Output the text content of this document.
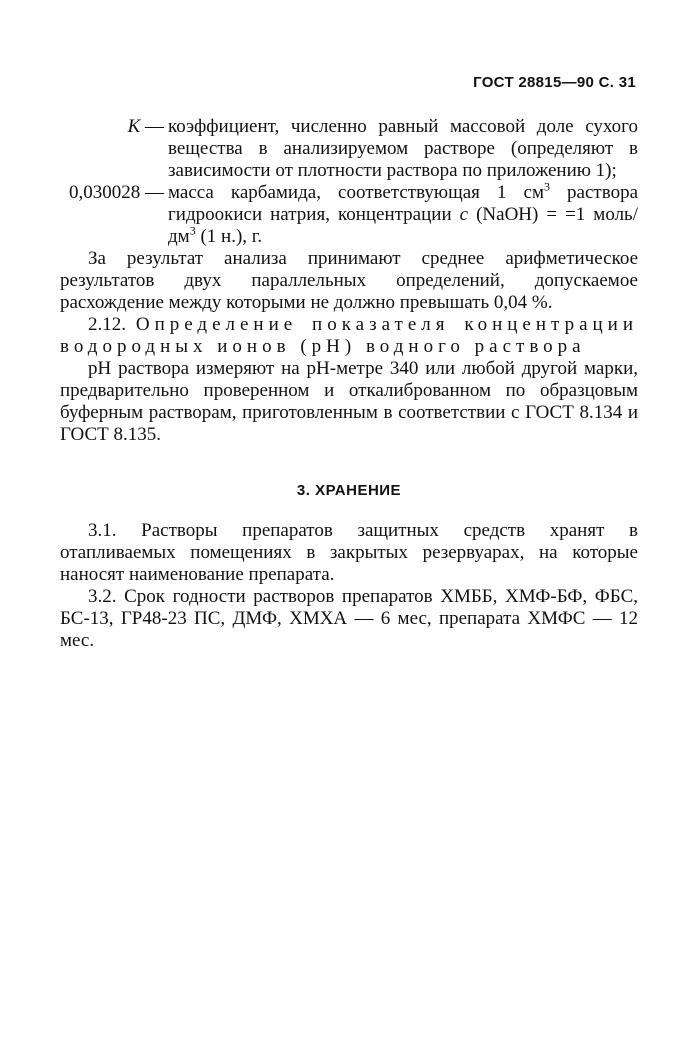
ГОСТ 28815—90 С. 31
K — коэффициент, численно равный массовой доле сухого вещества в анализируемом растворе (определяют в зависимости от плотности раствора по приложению 1);
0,030028 — масса карбамида, соответствующая 1 $см^3$ раствора гидроокиси натрия, концентрации c (NaOH) = =1 моль/$дм^3$ (1 н.), г.

За результат анализа принимают среднее арифметическое результатов двух параллельных определений, допускаемое расхождение между которыми не должно превышать 0,04 %.

2.12. Определение показателя концентрации водородных ионов (pH) водного раствора

pH раствора измеряют на pH-метре 340 или любой другой марки, предварительно проверенном и откалиброванном по образцовым буферным растворам, приготовленным в соответствии с ГОСТ 8.134 и ГОСТ 8.135.

3. ХРАНЕНИЕ

3.1. Растворы препаратов защитных средств хранят в отапливаемых помещениях в закрытых резервуарах, на которые наносят наименование препарата.

3.2. Срок годности растворов препаратов ХМББ, ХМФ-БФ, ФБС, БС-13, ГР48-23 ПС, ДМФ, ХМХА — 6 мес, препарата ХМФС — 12 мес.
